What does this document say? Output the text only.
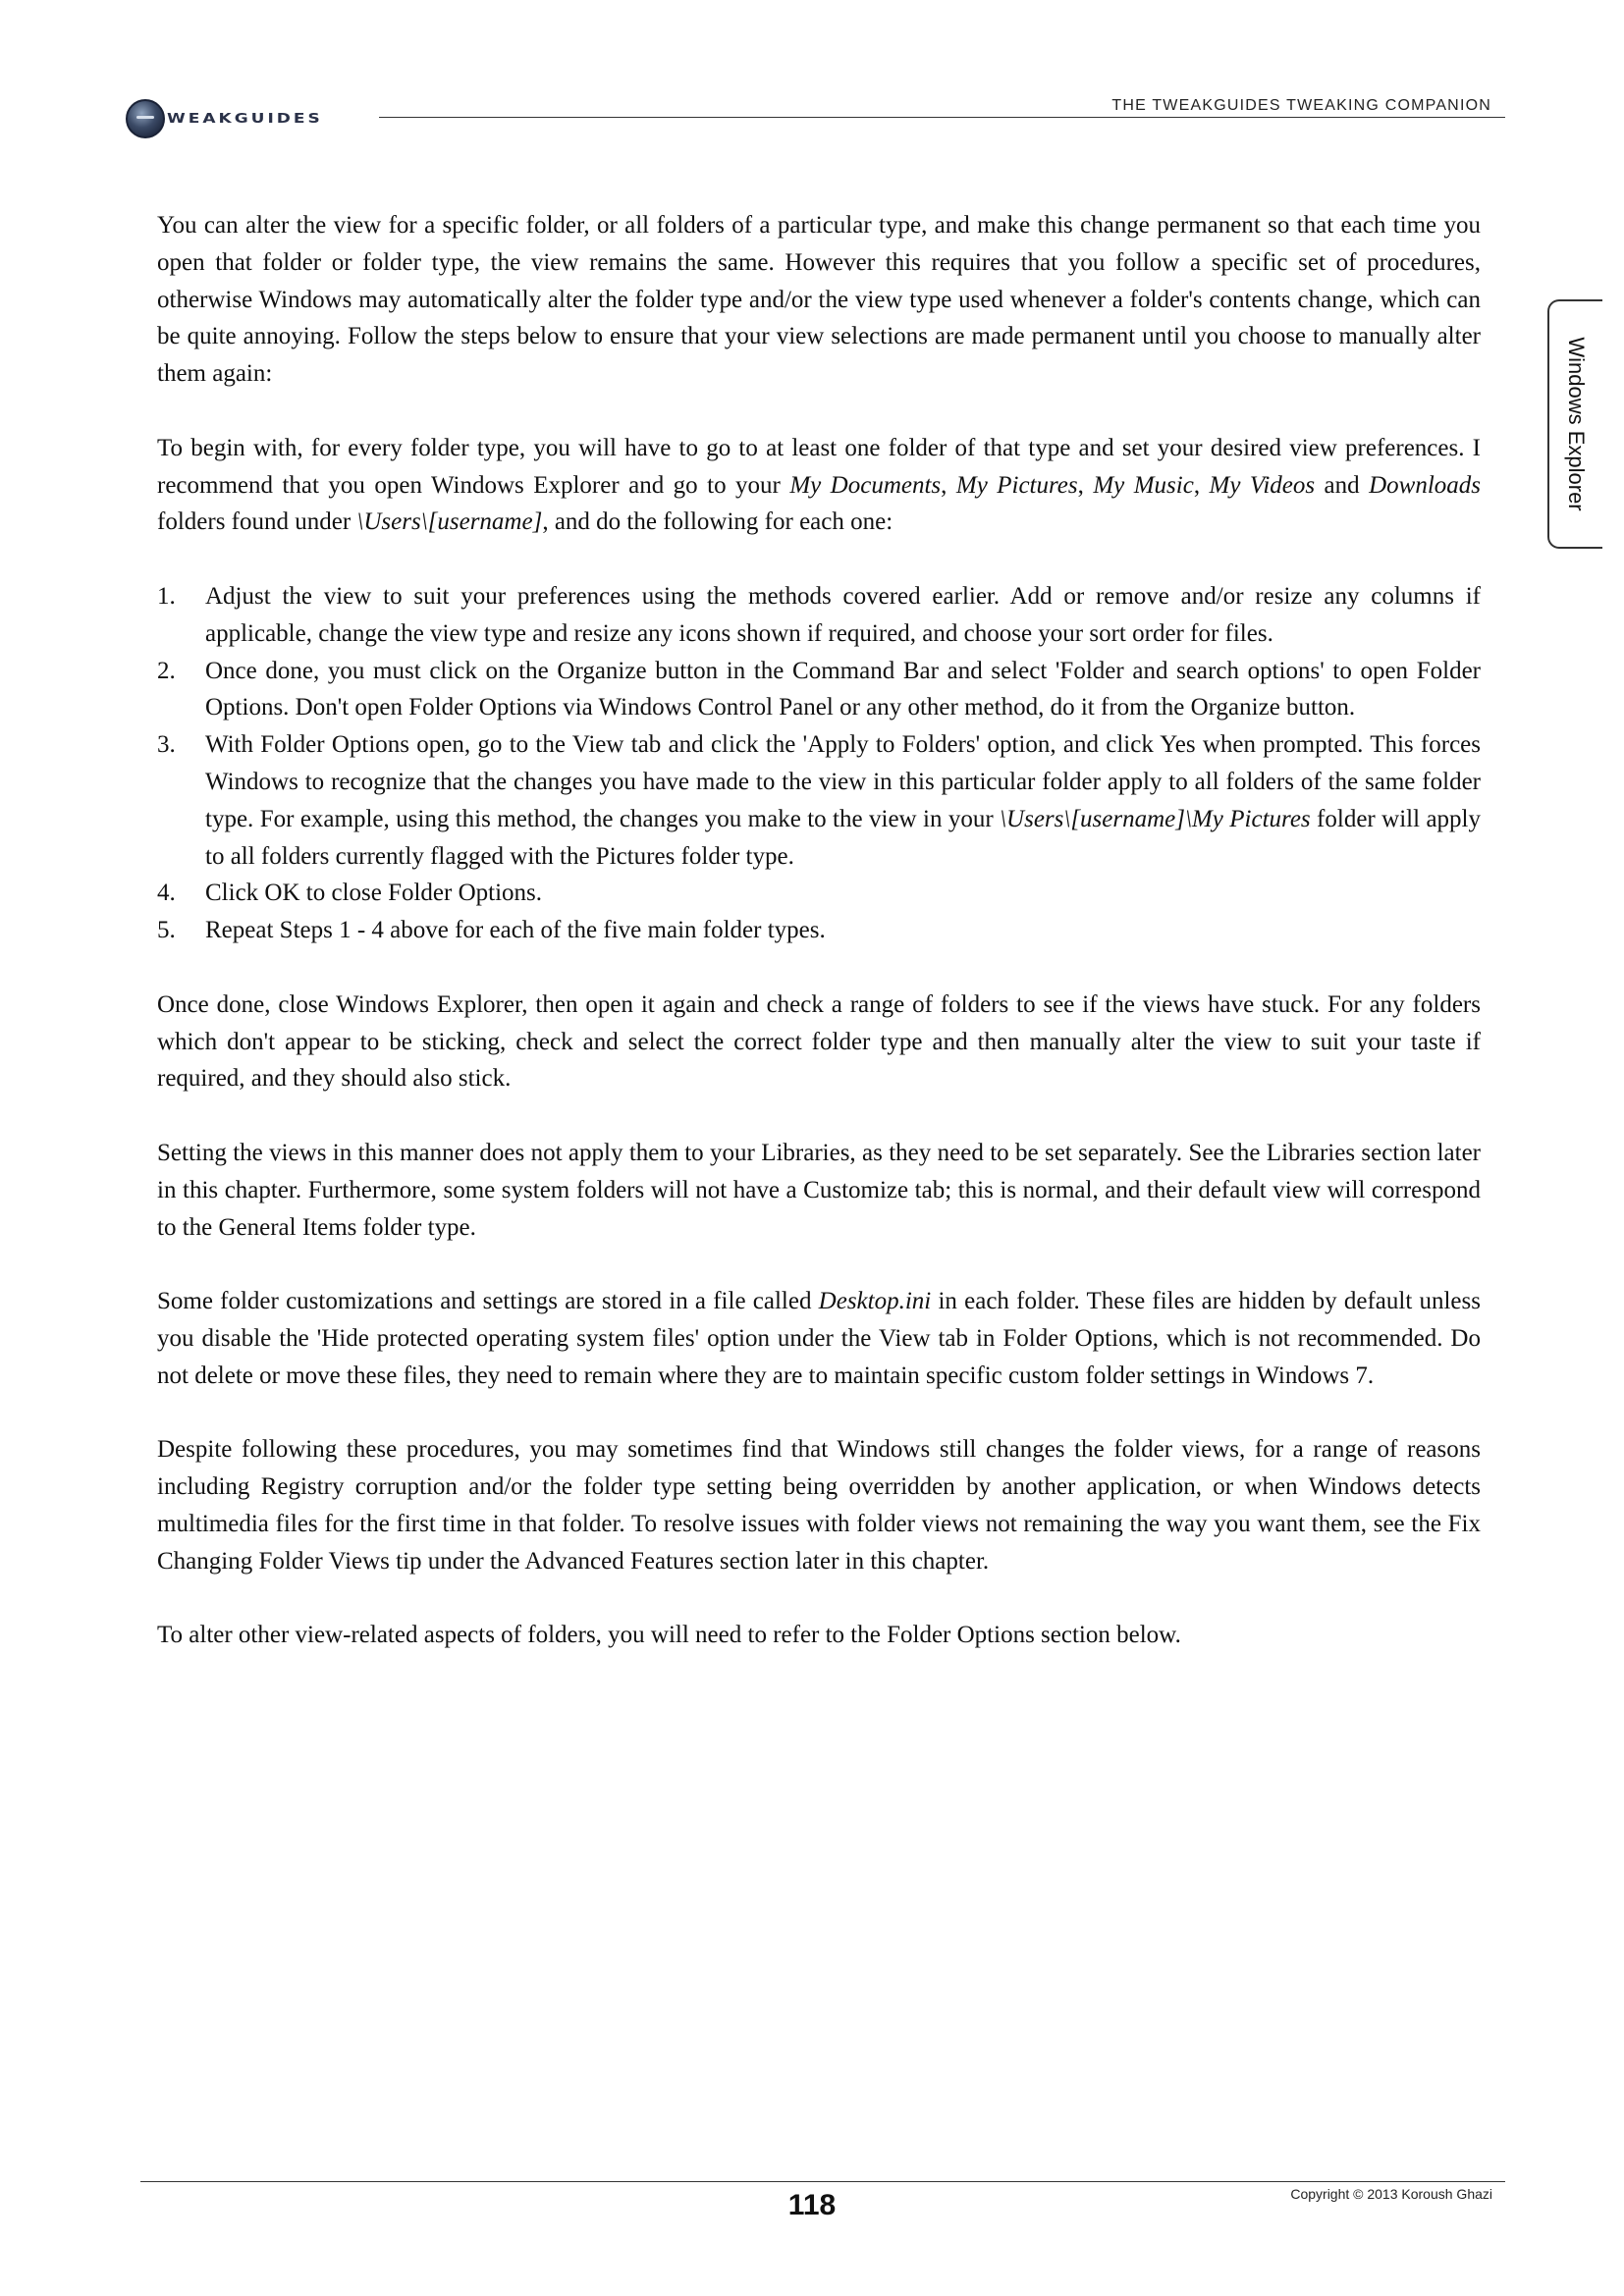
WEAKGUIDES
THE TWEAKGUIDES TWEAKING COMPANION
Windows Explorer

You can alter the view for a specific folder, or all folders of a particular type, and make this change permanent so that each time you open that folder or folder type, the view remains the same. However this requires that you follow a specific set of procedures, otherwise Windows may automatically alter the folder type and/or the view type used whenever a folder's contents change, which can be quite annoying. Follow the steps below to ensure that your view selections are made permanent until you choose to manually alter them again:

To begin with, for every folder type, you will have to go to at least one folder of that type and set your desired view preferences. I recommend that you open Windows Explorer and go to your My Documents, My Pictures, My Music, My Videos and Downloads folders found under \Users\[username], and do the following for each one:

1. Adjust the view to suit your preferences using the methods covered earlier. Add or remove and/or resize any columns if applicable, change the view type and resize any icons shown if required, and choose your sort order for files.
2. Once done, you must click on the Organize button in the Command Bar and select 'Folder and search options' to open Folder Options. Don't open Folder Options via Windows Control Panel or any other method, do it from the Organize button.
3. With Folder Options open, go to the View tab and click the 'Apply to Folders' option, and click Yes when prompted. This forces Windows to recognize that the changes you have made to the view in this particular folder apply to all folders of the same folder type. For example, using this method, the changes you make to the view in your \Users\[username]\My Pictures folder will apply to all folders currently flagged with the Pictures folder type.
4. Click OK to close Folder Options.
5. Repeat Steps 1 - 4 above for each of the five main folder types.

Once done, close Windows Explorer, then open it again and check a range of folders to see if the views have stuck. For any folders which don't appear to be sticking, check and select the correct folder type and then manually alter the view to suit your taste if required, and they should also stick.

Setting the views in this manner does not apply them to your Libraries, as they need to be set separately. See the Libraries section later in this chapter. Furthermore, some system folders will not have a Customize tab; this is normal, and their default view will correspond to the General Items folder type.

Some folder customizations and settings are stored in a file called Desktop.ini in each folder. These files are hidden by default unless you disable the 'Hide protected operating system files' option under the View tab in Folder Options, which is not recommended. Do not delete or move these files, they need to remain where they are to maintain specific custom folder settings in Windows 7.

Despite following these procedures, you may sometimes find that Windows still changes the folder views, for a range of reasons including Registry corruption and/or the folder type setting being overridden by another application, or when Windows detects multimedia files for the first time in that folder. To resolve issues with folder views not remaining the way you want them, see the Fix Changing Folder Views tip under the Advanced Features section later in this chapter.

To alter other view-related aspects of folders, you will need to refer to the Folder Options section below.

118	Copyright © 2013 Koroush Ghazi
